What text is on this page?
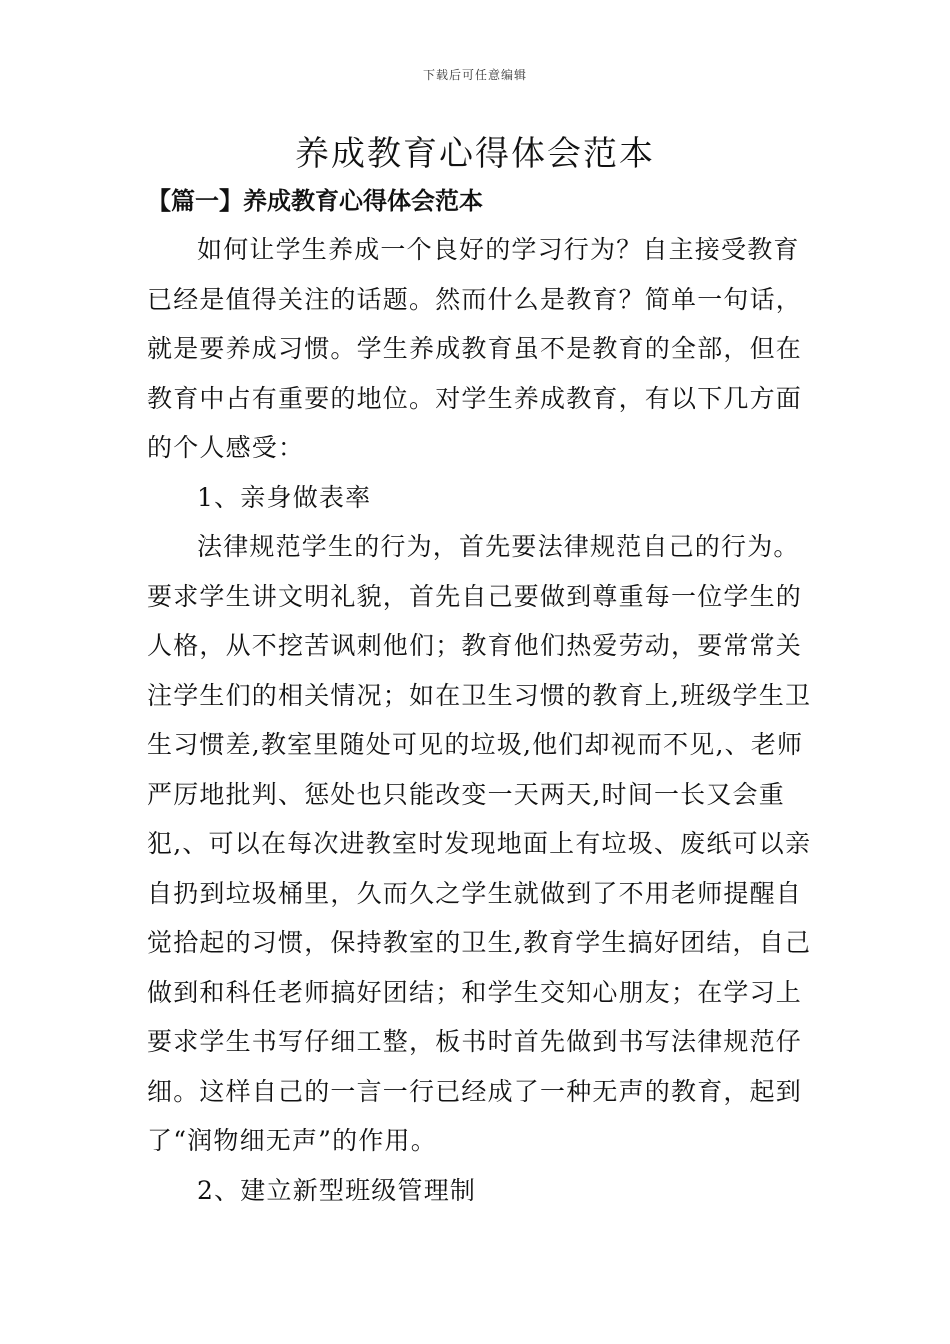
下载后可任意编辑
养成教育心得体会范本
【篇一】养成教育心得体会范本
如何让学生养成一个良好的学习行为？自主接受教育
已经是值得关注的话题。然而什么是教育？简单一句话，
就是要养成习惯。学生养成教育虽不是教育的全部，但在
教育中占有重要的地位。对学生养成教育，有以下几方面
的个人感受：
1、亲身做表率
法律规范学生的行为，首先要法律规范自己的行为。
要求学生讲文明礼貌，首先自己要做到尊重每一位学生的
人格，从不挖苦讽刺他们；教育他们热爱劳动，要常常关
注学生们的相关情况；如在卫生习惯的教育上,班级学生卫
生习惯差,教室里随处可见的垃圾,他们却视而不见,、老师
严厉地批判、惩处也只能改变一天两天,时间一长又会重
犯,、可以在每次进教室时发现地面上有垃圾、废纸可以亲
自扔到垃圾桶里，久而久之学生就做到了不用老师提醒自
觉拾起的习惯，保持教室的卫生,教育学生搞好团结，自己
做到和科任老师搞好团结；和学生交知心朋友；在学习上
要求学生书写仔细工整，板书时首先做到书写法律规范仔
细。这样自己的一言一行已经成了一种无声的教育，起到
了“润物细无声”的作用。
2、建立新型班级管理制
